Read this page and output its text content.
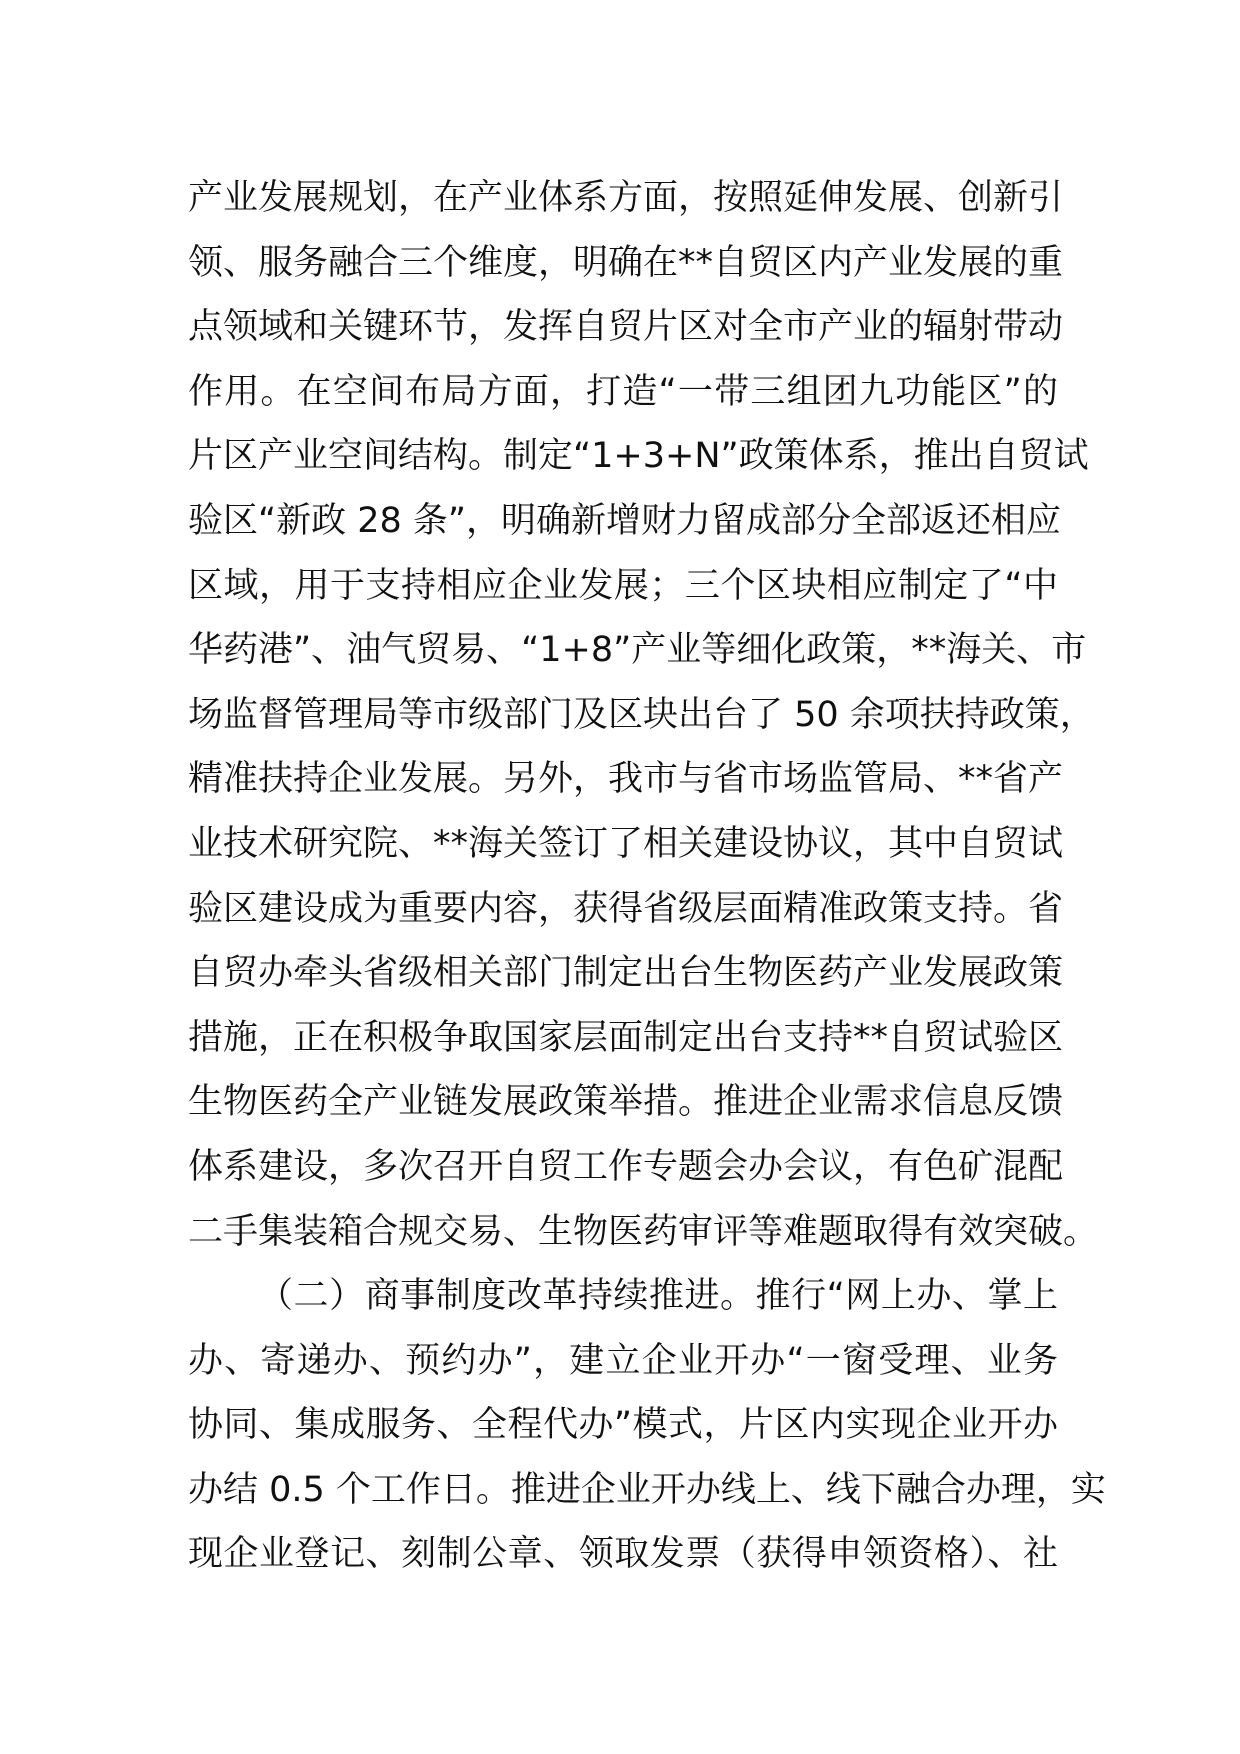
产业发展规划，在产业体系方面，按照延伸发展、创新引
领、服务融合三个维度，明确在**自贸区内产业发展的重
点领域和关键环节，发挥自贸片区对全市产业的辐射带动
作用。在空间布局方面，打造“一带三组团九功能区”的
片区产业空间结构。制定“1+3+N”政策体系，推出自贸试
验区“新政 28 条”，明确新增财力留成部分全部返还相应
区域，用于支持相应企业发展；三个区块相应制定了“中
华药港”、油气贸易、“1+8”产业等细化政策，**海关、市
场监督管理局等市级部门及区块出台了 50 余项扶持政策，
精准扶持企业发展。另外，我市与省市场监管局、**省产
业技术研究院、**海关签订了相关建设协议，其中自贸试
验区建设成为重要内容，获得省级层面精准政策支持。省
自贸办牵头省级相关部门制定出台生物医药产业发展政策
措施，正在积极争取国家层面制定出台支持**自贸试验区
生物医药全产业链发展政策举措。推进企业需求信息反馈
体系建设，多次召开自贸工作专题会办会议，有色矿混配
二手集装箱合规交易、生物医药审评等难题取得有效突破。
（二）商事制度改革持续推进。推行“网上办、掌上
办、寄递办、预约办”，建立企业开办“一窗受理、业务
协同、集成服务、全程代办”模式，片区内实现企业开办
办结 0.5 个工作日。推进企业开办线上、线下融合办理，实
现企业登记、刻制公章、领取发票（获得申领资格）、社
